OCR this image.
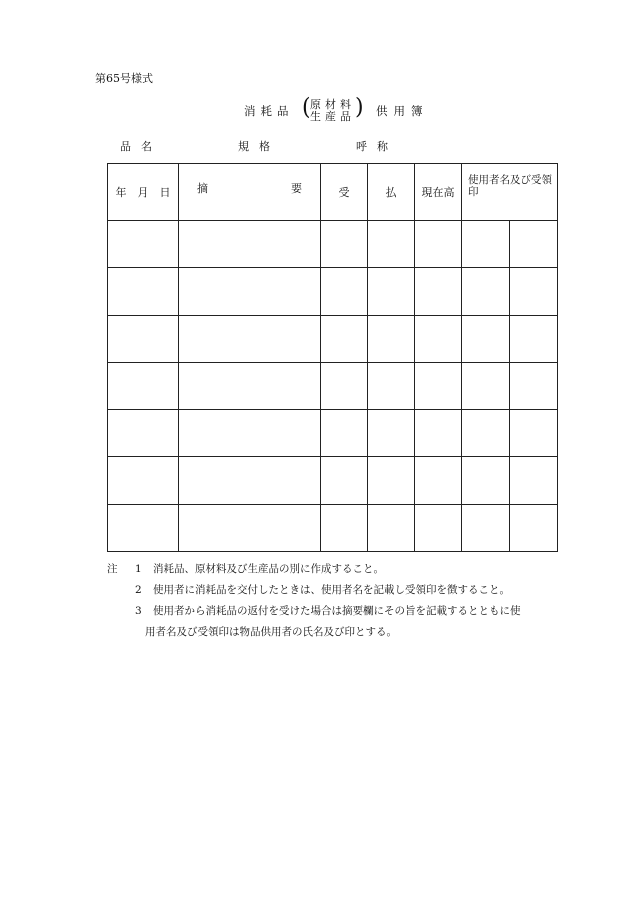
第65号様式
消耗品 ( 原材料
生産品 ) 供用簿
品名	規格	呼称
年　月　日	摘 要	受	払	現在高	使用者名及び受領印	

注 1 消耗品、原材料及び生産品の別に作成すること。
2 使用者に消耗品を交付したときは、使用者名を記載し受領印を徴すること。
3 使用者から消耗品の返付を受けた場合は摘要欄にその旨を記載するとともに使
用者名及び受領印は物品供用者の氏名及び印とする。
